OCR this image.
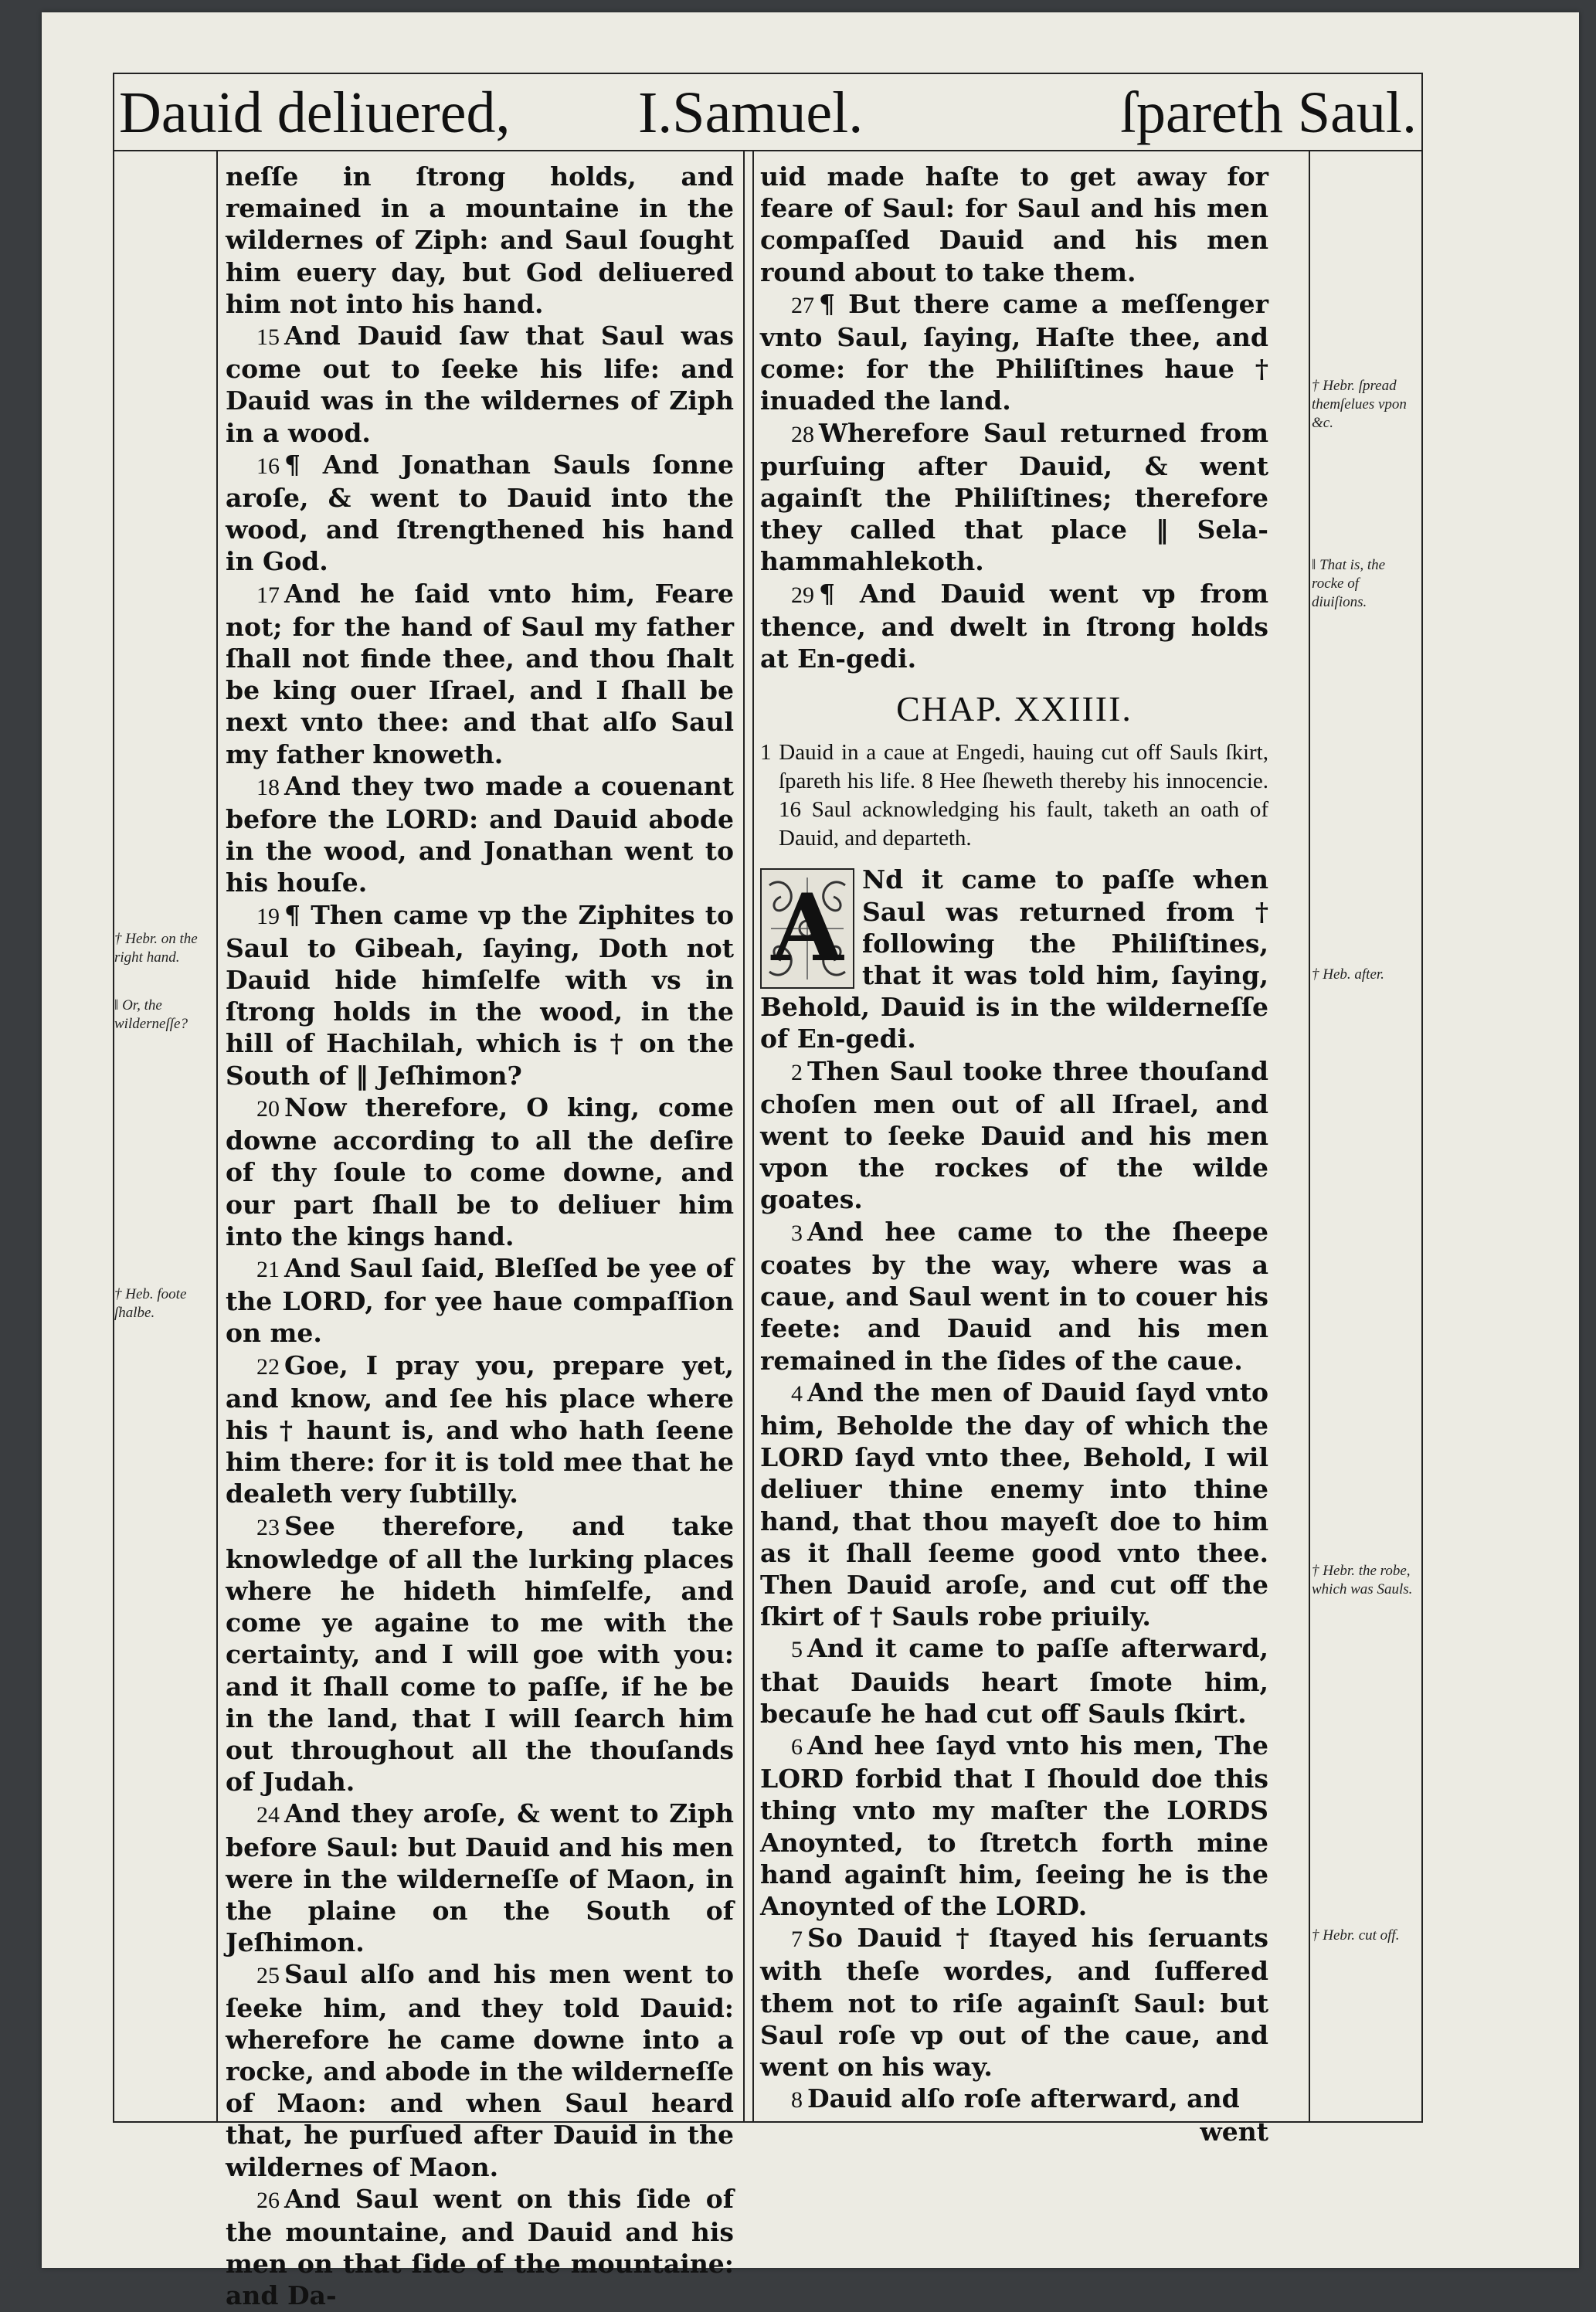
Dauid deliuered, I.Samuel.	ſpareth Saul.

neſſe in ſtrong holds, and remained in a mountaine in the wildernes of Ziph: and Saul ſought him euery day, but God deliuered him not into his hand.

15 And Dauid ſaw that Saul was come out to ſeeke his life: and Dauid was in the wildernes of Ziph in a wood.

16 ¶ And Jonathan Sauls ſonne aroſe, & went to Dauid into the wood, and ſtrengthened his hand in God.

17 And he ſaid vnto him, Feare not; for the hand of Saul my father ſhall not finde thee, and thou ſhalt be king ouer Iſrael, and I ſhall be next vnto thee: and that alſo Saul my father knoweth.

18 And they two made a couenant before the LORD: and Dauid abode in the wood, and Jonathan went to his houſe.

19 ¶ Then came vp the Ziphites to Saul to Gibeah, ſaying, Doth not Dauid hide himſelfe with vs in ſtrong holds in the wood, in the hill of Hachilah, which is † on the South of ‖ Jeſhimon?

20 Now therefore, O king, come downe according to all the deſire of thy ſoule to come downe, and our part ſhall be to deliuer him into the kings hand.

21 And Saul ſaid, Bleſſed be yee of the LORD, for yee haue compaſſion on me.

22 Goe, I pray you, prepare yet, and know, and ſee his place where his † haunt is, and who hath ſeene him there: for it is told mee that he dealeth very ſubtilly.

23 See therefore, and take knowledge of all the lurking places where he hideth himſelfe, and come ye againe to me with the certainty, and I will goe with you: and it ſhall come to paſſe, if he be in the land, that I will ſearch him out throughout all the thouſands of Judah.

24 And they aroſe, & went to Ziph before Saul: but Dauid and his men were in the wilderneſſe of Maon, in the plaine on the South of Jeſhimon.

25 Saul alſo and his men went to ſeeke him, and they told Dauid: wherefore he came downe into a rocke, and abode in the wilderneſſe of Maon: and when Saul heard that, he purſued after Dauid in the wildernes of Maon.

26 And Saul went on this ſide of the mountaine, and Dauid and his men on that ſide of the mountaine: and Da-

uid made haſte to get away for feare of Saul: for Saul and his men compaſſed Dauid and his men round about to take them.

27 ¶ But there came a meſſenger vnto Saul, ſaying, Haſte thee, and come: for the Philiſtines haue † inuaded the land.

28 Wherefore Saul returned from purſuing after Dauid, & went againſt the Philiſtines; therefore they called that place ‖ Sela-hammahlekoth.

29 ¶ And Dauid went vp from thence, and dwelt in ſtrong holds at En-gedi.

CHAP. XXIIII.

1 Dauid in a caue at Engedi, hauing cut off Sauls ſkirt, ſpareth his life. 8 Hee ſheweth thereby his innocencie. 16 Saul acknowledging his fault, taketh an oath of Dauid, and departeth.

A Nd it came to paſſe when Saul was returned from † following the Philiſtines, that it was told him, ſaying, Behold, Dauid is in the wilderneſſe of En-gedi.

2 Then Saul tooke three thouſand choſen men out of all Iſrael, and went to ſeeke Dauid and his men vpon the rockes of the wilde goates.

3 And hee came to the ſheepe coates by the way, where was a caue, and Saul went in to couer his feete: and Dauid and his men remained in the ſides of the caue.

4 And the men of Dauid ſayd vnto him, Beholde the day of which the LORD ſayd vnto thee, Behold, I wil deliuer thine enemy into thine hand, that thou mayeſt doe to him as it ſhall ſeeme good vnto thee. Then Dauid aroſe, and cut off the ſkirt of † Sauls robe priuily.

5 And it came to paſſe afterward, that Dauids heart ſmote him, becauſe he had cut off Sauls ſkirt.

6 And hee ſayd vnto his men, The LORD forbid that I ſhould doe this thing vnto my maſter the LORDS Anoynted, to ſtretch forth mine hand againſt him, ſeeing he is the Anoynted of the LORD.

7 So Dauid † ſtayed his ſeruants with theſe wordes, and ſuffered them not to riſe againſt Saul: but Saul roſe vp out of the caue, and went on his way.

8 Dauid alſo roſe afterward, and

went

† Hebr. on the right hand.
‖ Or, the wilderneſſe?
† Heb. foote ſhalbe.
† Hebr. ſpread themſelues vpon &c.
‖ That is, the rocke of diuiſions.
† Heb. after.
† Hebr. the robe, which was Sauls.
† Hebr. cut off.
